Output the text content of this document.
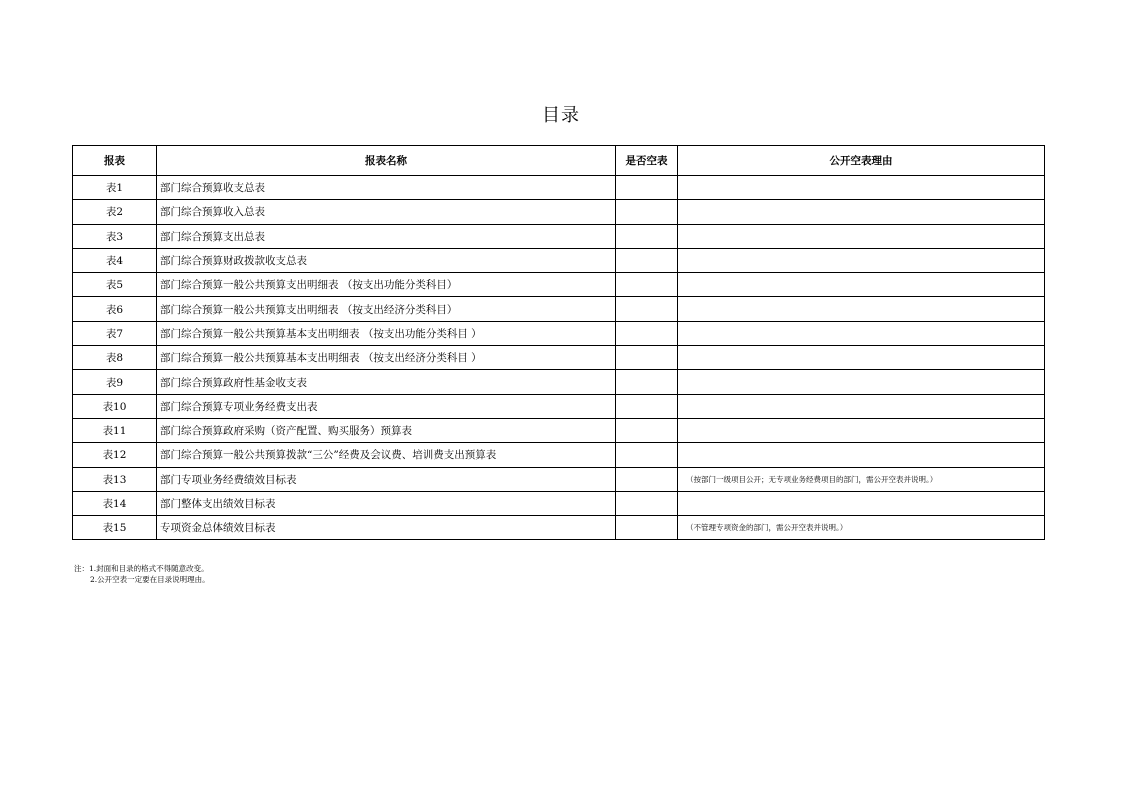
目录
报表	报表名称	是否空表	公开空表理由
表1	部门综合预算收支总表		
表2	部门综合预算收入总表		
表3	部门综合预算支出总表		
表4	部门综合预算财政拨款收支总表		
表5	部门综合预算一般公共预算支出明细表 （按支出功能分类科目）		
表6	部门综合预算一般公共预算支出明细表 （按支出经济分类科目）		
表7	部门综合预算一般公共预算基本支出明细表 （按支出功能分类科目 ）		
表8	部门综合预算一般公共预算基本支出明细表 （按支出经济分类科目 ）		
表9	部门综合预算政府性基金收支表		
表10	部门综合预算专项业务经费支出表		
表11	部门综合预算政府采购（资产配置、购买服务）预算表		
表12	部门综合预算一般公共预算拨款“三公”经费及会议费、培训费支出预算表		
表13	部门专项业务经费绩效目标表		（按部门一级项目公开；无专项业务经费项目的部门，需公开空表并说明。）
表14	部门整体支出绩效目标表		
表15	专项资金总体绩效目标表		（不管理专项资金的部门，需公开空表并说明。）
注：1.封面和目录的格式不得随意改变。
2.公开空表一定要在目录说明理由。
